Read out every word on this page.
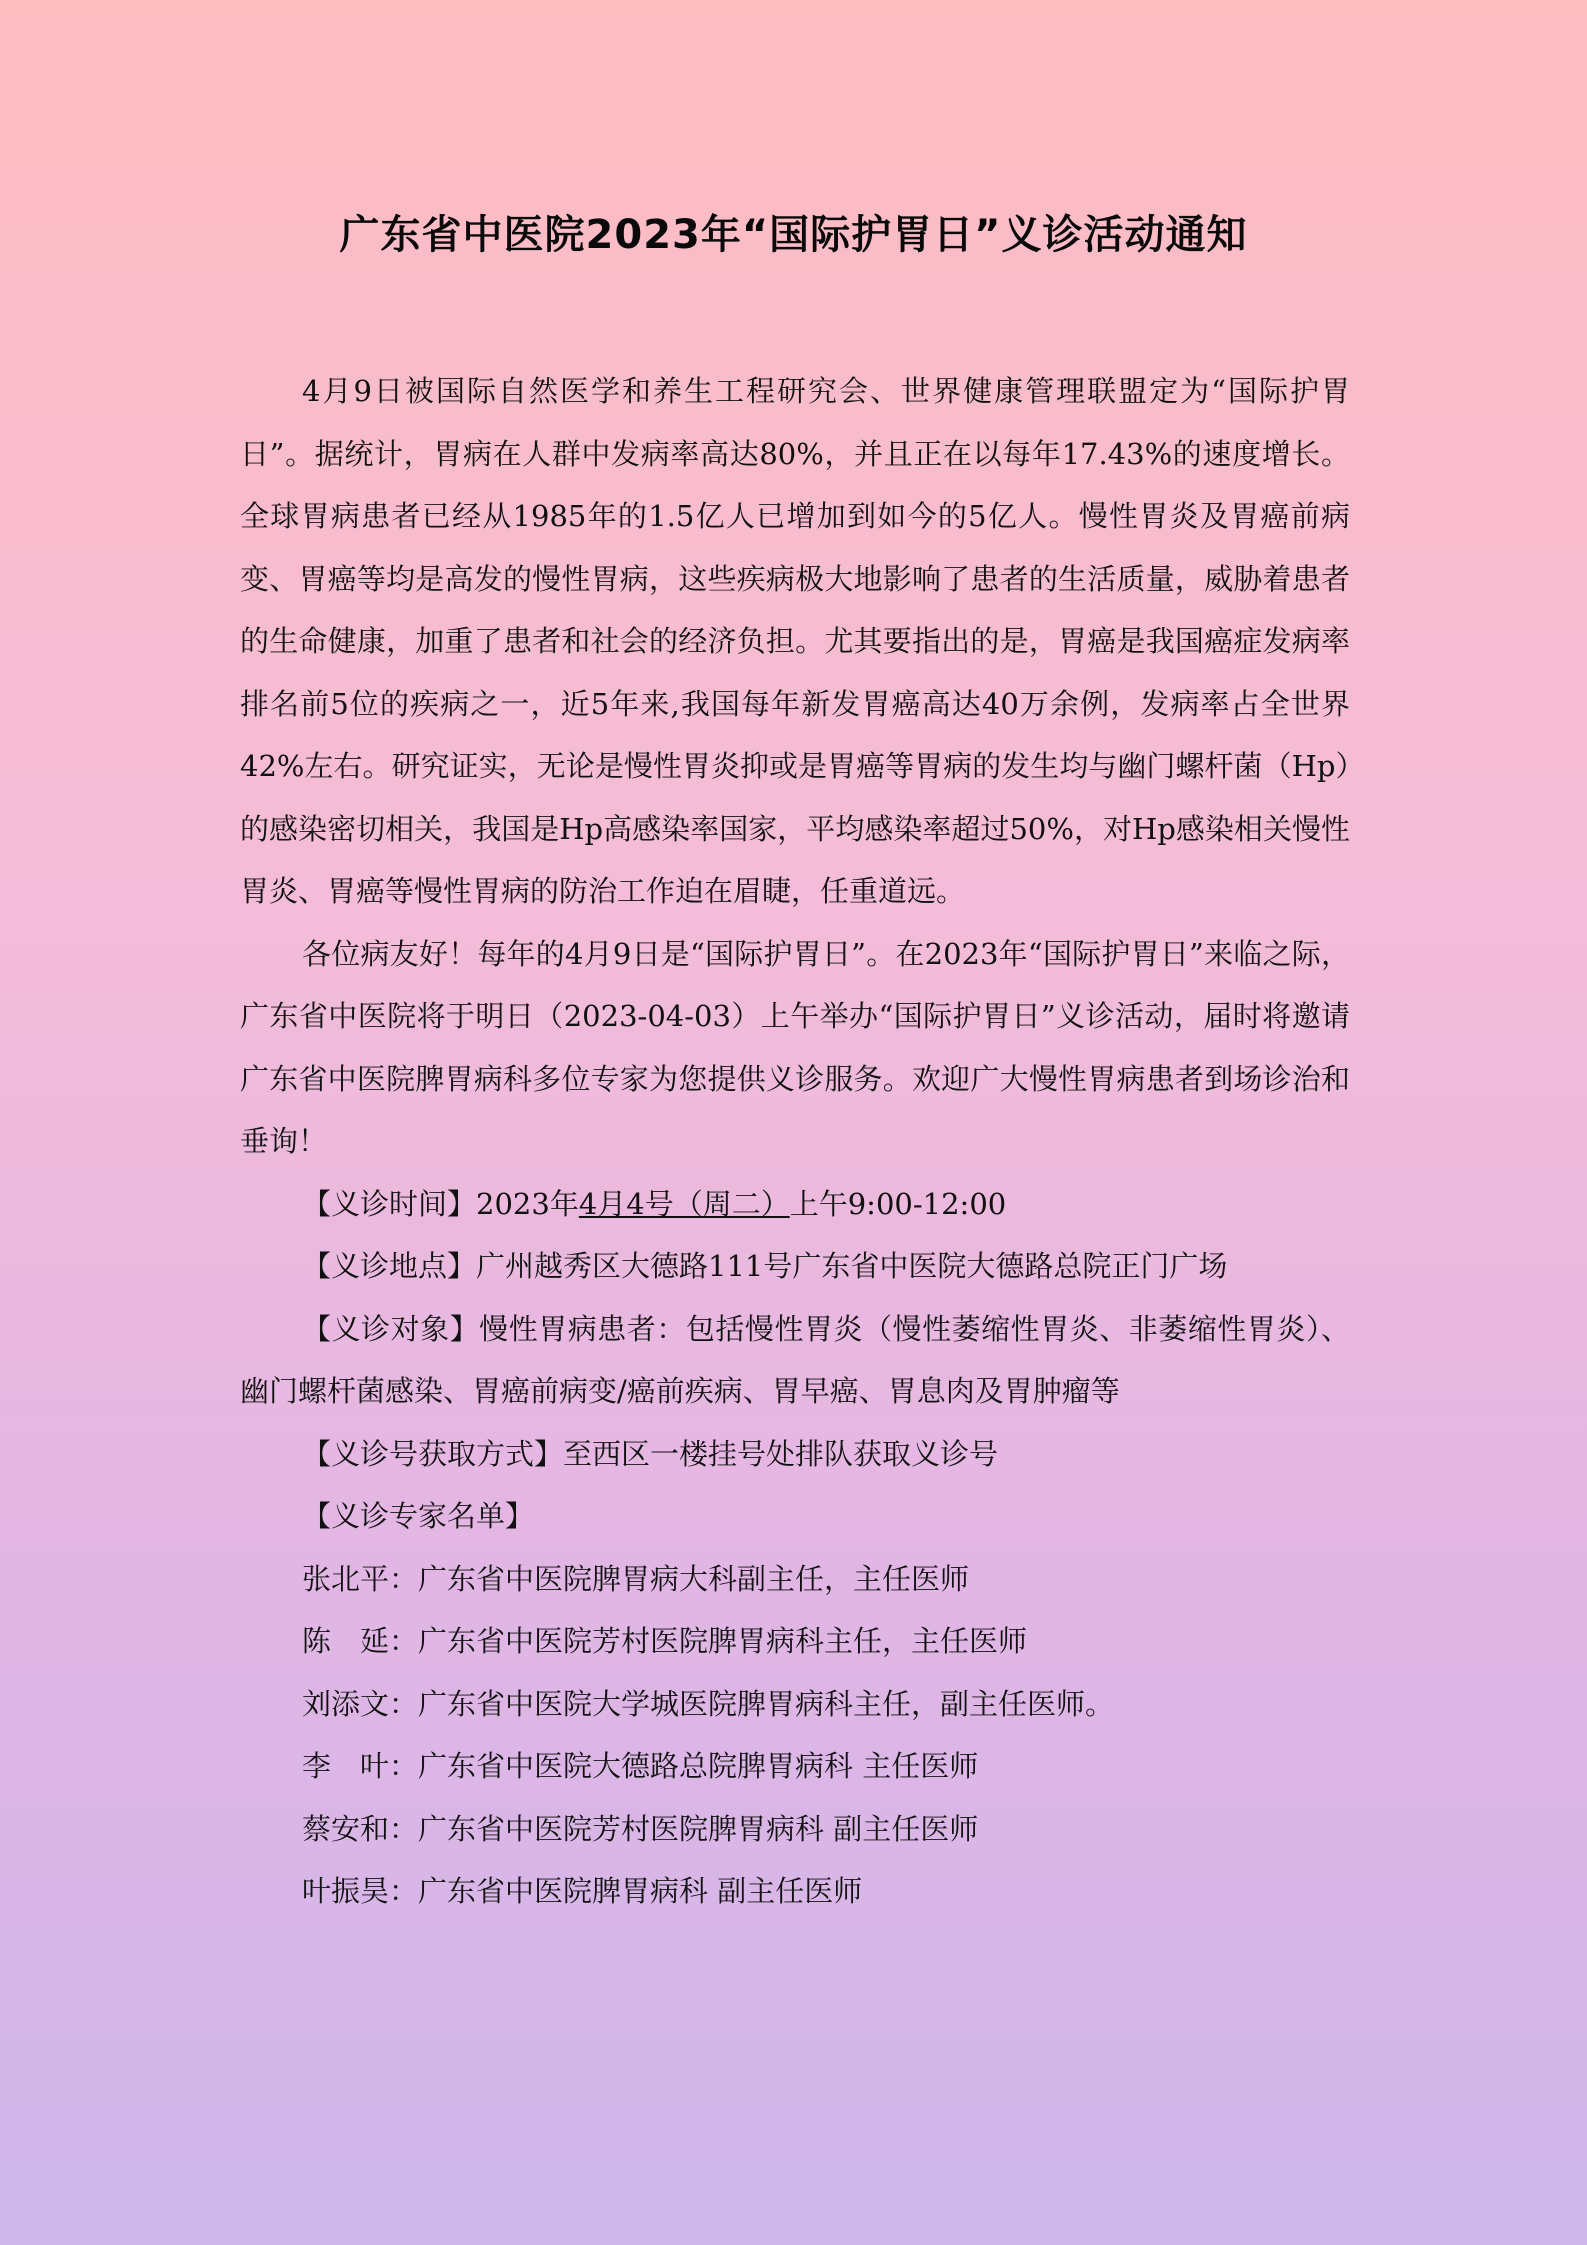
广东省中医院2023年“国际护胃日”义诊活动通知

4月9日被国际自然医学和养生工程研究会、世界健康管理联盟定为“国际护胃日”。据统计，胃病在人群中发病率高达80%，并且正在以每年17.43%的速度增长。全球胃病患者已经从1985年的1.5亿人已增加到如今的5亿人。慢性胃炎及胃癌前病变、胃癌等均是高发的慢性胃病，这些疾病极大地影响了患者的生活质量，威胁着患者的生命健康，加重了患者和社会的经济负担。尤其要指出的是，胃癌是我国癌症发病率排名前5位的疾病之一，近5年来,我国每年新发胃癌高达40万余例，发病率占全世界42%左右。研究证实，无论是慢性胃炎抑或是胃癌等胃病的发生均与幽门螺杆菌（Hp）的感染密切相关，我国是Hp高感染率国家，平均感染率超过50%，对Hp感染相关慢性胃炎、胃癌等慢性胃病的防治工作迫在眉睫，任重道远。

各位病友好！每年的4月9日是“国际护胃日”。在2023年“国际护胃日”来临之际，广东省中医院将于明日（2023-04-03）上午举办“国际护胃日”义诊活动，届时将邀请广东省中医院脾胃病科多位专家为您提供义诊服务。欢迎广大慢性胃病患者到场诊治和垂询！

【义诊时间】2023年4月4号（周二）上午9:00-12:00

【义诊地点】广州越秀区大德路111号广东省中医院大德路总院正门广场

【义诊对象】慢性胃病患者：包括慢性胃炎（慢性萎缩性胃炎、非萎缩性胃炎）、幽门螺杆菌感染、胃癌前病变/癌前疾病、胃早癌、胃息肉及胃肿瘤等

【义诊号获取方式】至西区一楼挂号处排队获取义诊号

【义诊专家名单】

张北平：广东省中医院脾胃病大科副主任，主任医师

陈　延：广东省中医院芳村医院脾胃病科主任，主任医师

刘添文：广东省中医院大学城医院脾胃病科主任，副主任医师。

李　叶：广东省中医院大德路总院脾胃病科 主任医师

蔡安和：广东省中医院芳村医院脾胃病科 副主任医师

叶振昊：广东省中医院脾胃病科 副主任医师
